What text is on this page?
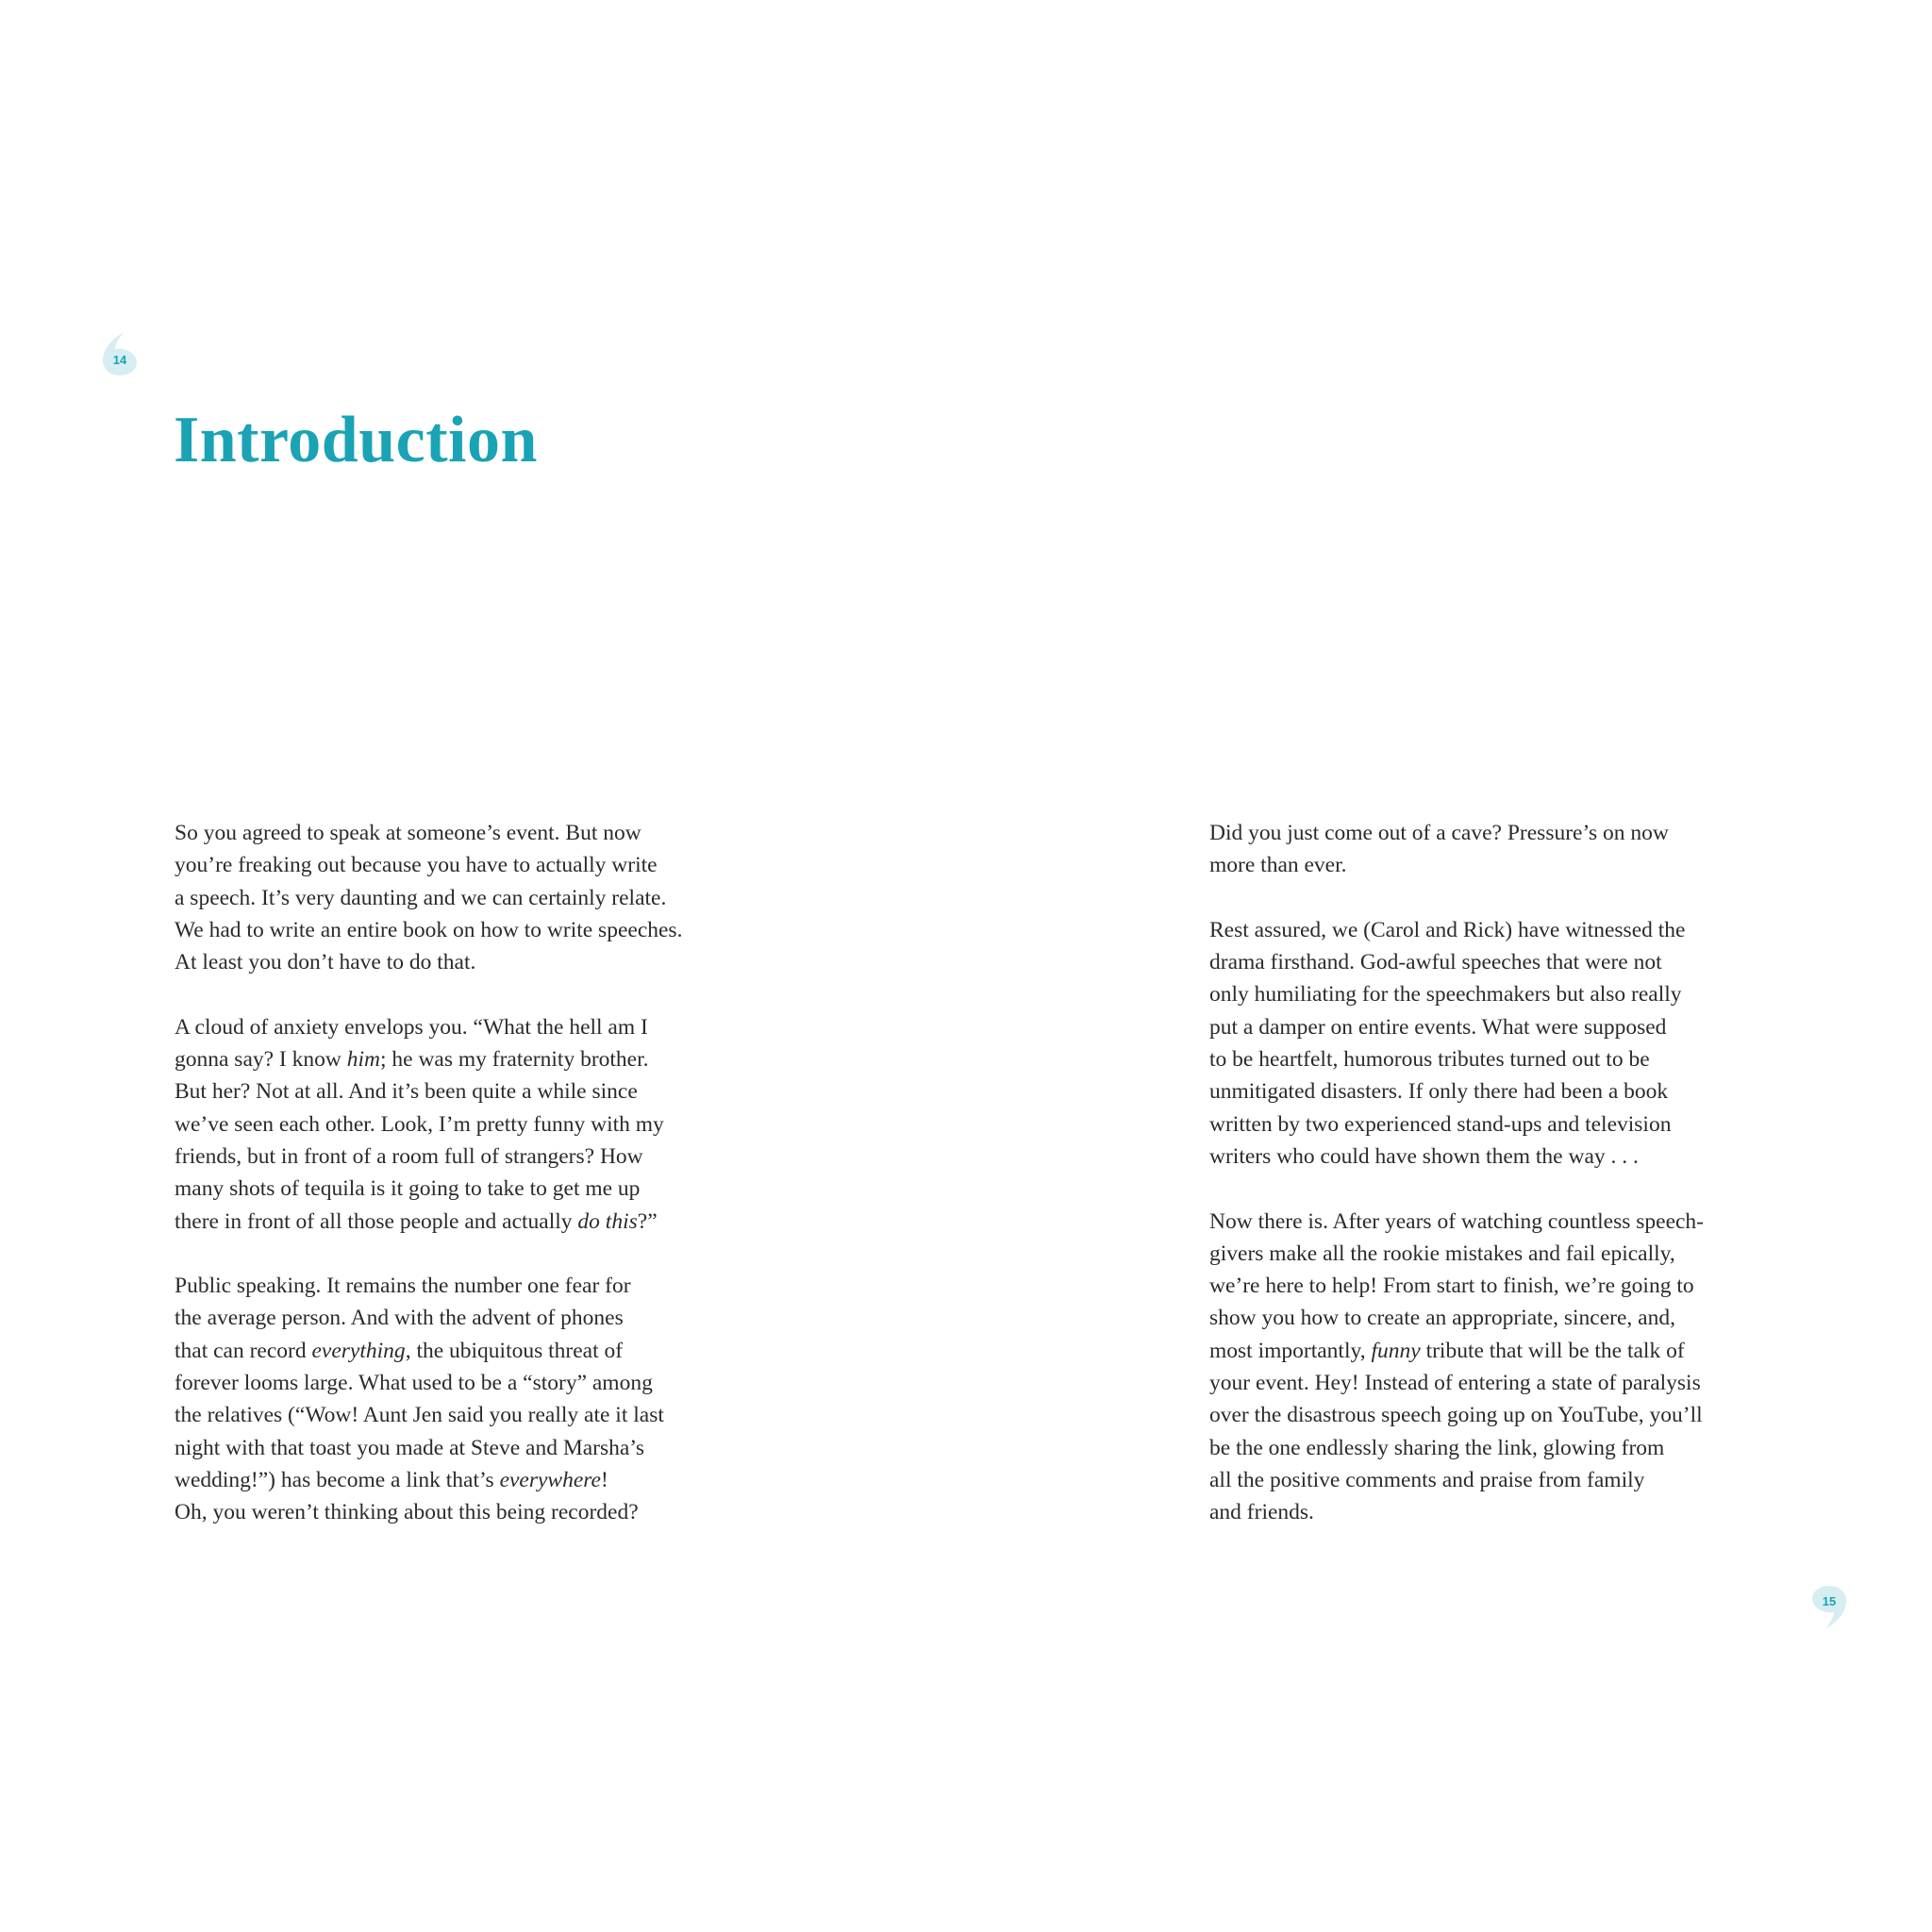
14
Introduction

So you agreed to speak at someone’s event. But now
you’re freaking out because you have to actually write
a speech. It’s very daunting and we can certainly relate.
We had to write an entire book on how to write speeches.
At least you don’t have to do that.

A cloud of anxiety envelops you. “What the hell am I
gonna say? I know him; he was my fraternity brother.
But her? Not at all. And it’s been quite a while since
we’ve seen each other. Look, I’m pretty funny with my
friends, but in front of a room full of strangers? How
many shots of tequila is it going to take to get me up
there in front of all those people and actually do this?”

Public speaking. It remains the number one fear for
the average person. And with the advent of phones
that can record everything, the ubiquitous threat of
forever looms large. What used to be a “story” among
the relatives (“Wow! Aunt Jen said you really ate it last
night with that toast you made at Steve and Marsha’s
wedding!”) has become a link that’s everywhere!
Oh, you weren’t thinking about this being recorded?

Did you just come out of a cave? Pressure’s on now
more than ever.

Rest assured, we (Carol and Rick) have witnessed the
drama firsthand. God-awful speeches that were not
only humiliating for the speechmakers but also really
put a damper on entire events. What were supposed
to be heartfelt, humorous tributes turned out to be
unmitigated disasters. If only there had been a book
written by two experienced stand-ups and television
writers who could have shown them the way . . .

Now there is. After years of watching countless speech-
givers make all the rookie mistakes and fail epically,
we’re here to help! From start to finish, we’re going to
show you how to create an appropriate, sincere, and,
most importantly, funny tribute that will be the talk of
your event. Hey! Instead of entering a state of paralysis
over the disastrous speech going up on YouTube, you’ll
be the one endlessly sharing the link, glowing from
all the positive comments and praise from family
and friends.

15
